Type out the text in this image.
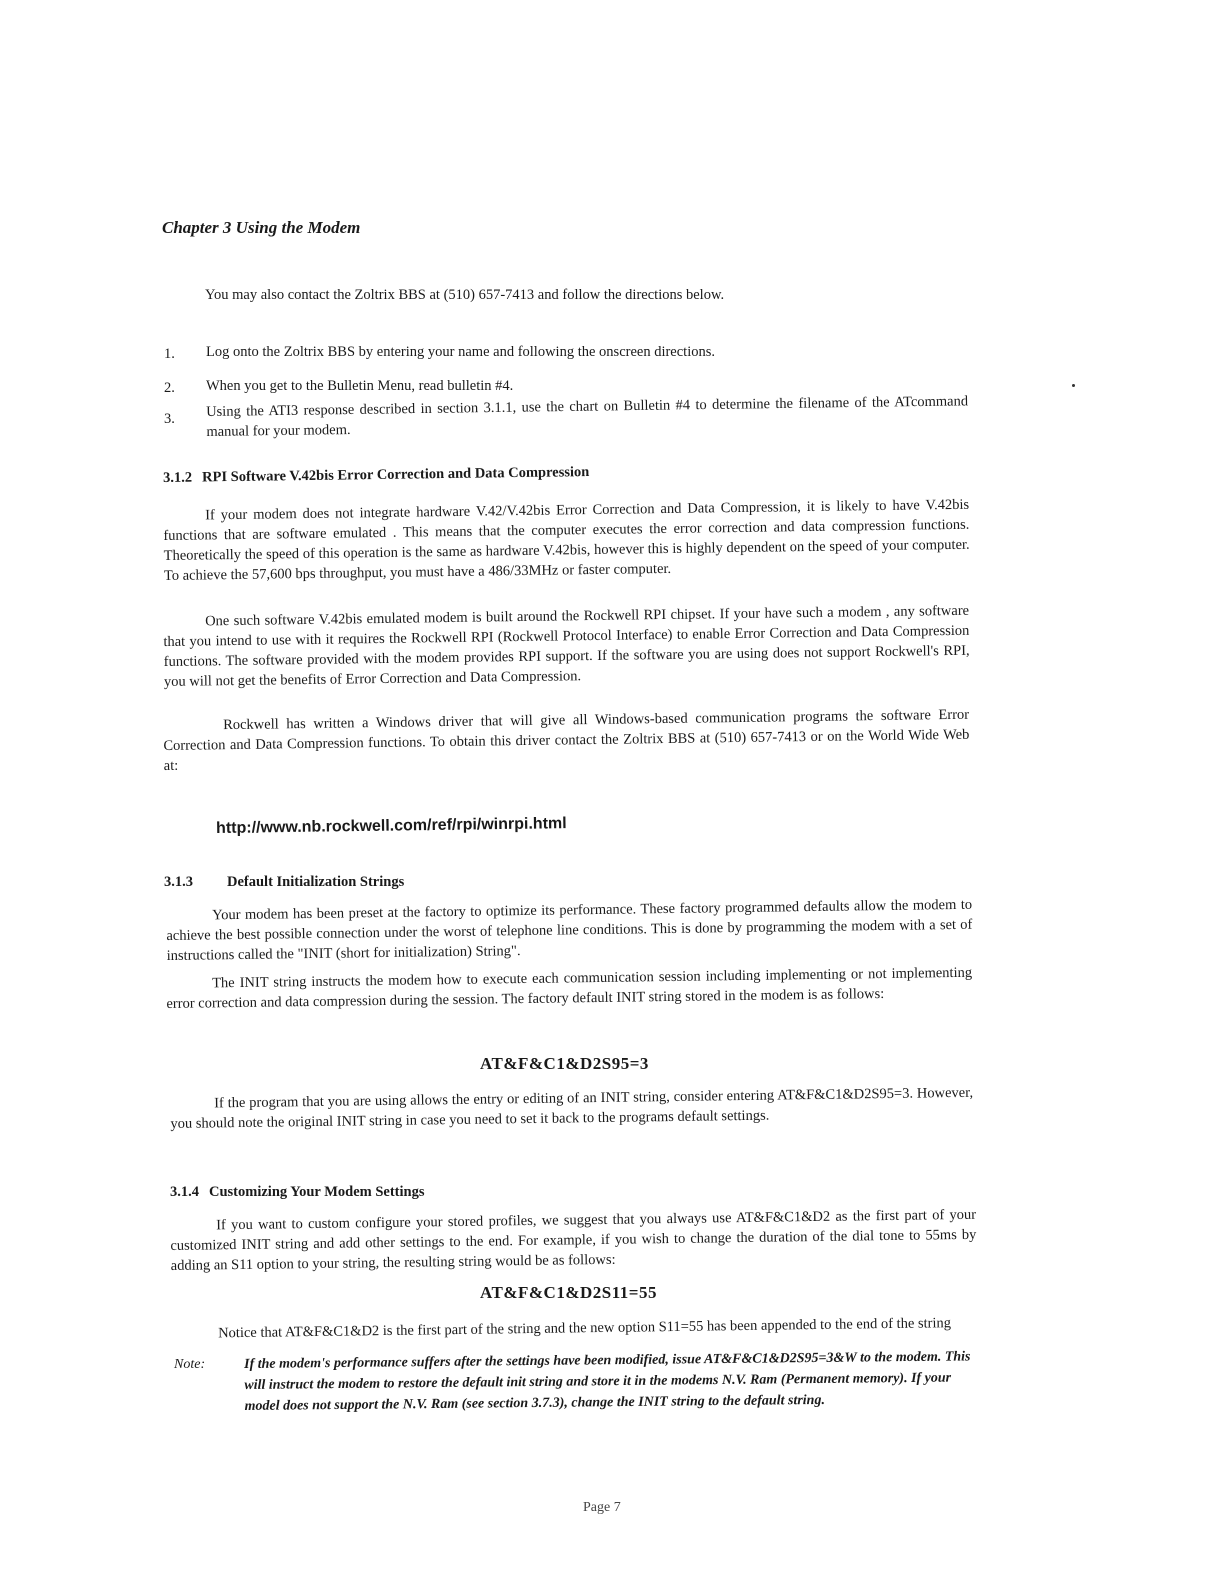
Chapter 3 Using the Modem
You may also contact the Zoltrix BBS at (510) 657-7413 and follow the directions below.
1. Log onto the Zoltrix BBS by entering your name and following the onscreen directions.
2. When you get to the Bulletin Menu, read bulletin #4.
3. Using the ATI3 response described in section 3.1.1, use the chart on Bulletin #4 to determine the filename of the ATcommand manual for your modem.
3.1.2 RPI Software V.42bis Error Correction and Data Compression
If your modem does not integrate hardware V.42/V.42bis Error Correction and Data Compression, it is likely to have V.42bis functions that are software emulated . This means that the computer executes the error correction and data compression functions. Theoretically the speed of this operation is the same as hardware V.42bis, however this is highly dependent on the speed of your computer. To achieve the 57,600 bps throughput, you must have a 486/33MHz or faster computer.
One such software V.42bis emulated modem is built around the Rockwell RPI chipset. If your have such a modem , any software that you intend to use with it requires the Rockwell RPI (Rockwell Protocol Interface) to enable Error Correction and Data Compression functions. The software provided with the modem provides RPI support. If the software you are using does not support Rockwell's RPI, you will not get the benefits of Error Correction and Data Compression.
Rockwell has written a Windows driver that will give all Windows-based communication programs the software Error Correction and Data Compression functions. To obtain this driver contact the Zoltrix BBS at (510) 657-7413 or on the World Wide Web at:
http://www.nb.rockwell.com/ref/rpi/winrpi.html
3.1.3 Default Initialization Strings
Your modem has been preset at the factory to optimize its performance. These factory programmed defaults allow the modem to achieve the best possible connection under the worst of telephone line conditions. This is done by programming the modem with a set of instructions called the "INIT (short for initialization) String".
The INIT string instructs the modem how to execute each communication session including implementing or not implementing error correction and data compression during the session. The factory default INIT string stored in the modem is as follows:
AT&F&C1&D2S95=3
If the program that you are using allows the entry or editing of an INIT string, consider entering AT&F&C1&D2S95=3. However, you should note the original INIT string in case you need to set it back to the programs default settings.
3.1.4 Customizing Your Modem Settings
If you want to custom configure your stored profiles, we suggest that you always use AT&F&C1&D2 as the first part of your customized INIT string and add other settings to the end. For example, if you wish to change the duration of the dial tone to 55ms by adding an S11 option to your string, the resulting string would be as follows:
AT&F&C1&D2S11=55
Notice that AT&F&C1&D2 is the first part of the string and the new option S11=55 has been appended to the end of the string
Note:	If the modem's performance suffers after the settings have been modified, issue AT&F&C1&D2S95=3&W to the modem. This will instruct the modem to restore the default init string and store it in the modems N.V. Ram (Permanent memory). If your model does not support the N.V. Ram (see section 3.7.3), change the INIT string to the default string.
Page 7
